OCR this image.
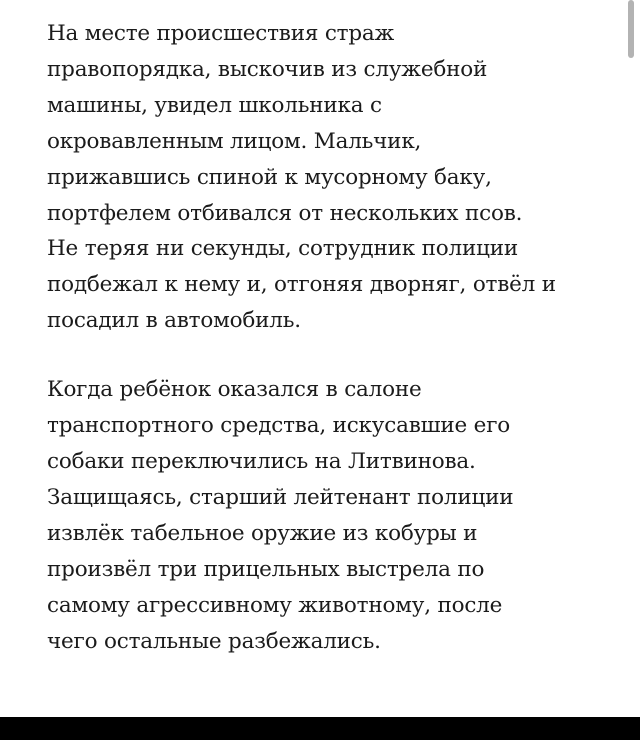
На месте происшествия страж
правопорядка, выскочив из служебной
машины, увидел школьника с
окровавленным лицом. Мальчик,
прижавшись спиной к мусорному баку,
портфелем отбивался от нескольких псов.
Не теряя ни секунды, сотрудник полиции
подбежал к нему и, отгоняя дворняг, отвёл и
посадил в автомобиль.

Когда ребёнок оказался в салоне
транспортного средства, искусавшие его
собаки переключились на Литвинова.
Защищаясь, старший лейтенант полиции
извлёк табельное оружие из кобуры и
произвёл три прицельных выстрела по
самому агрессивному животному, после
чего остальные разбежались.
